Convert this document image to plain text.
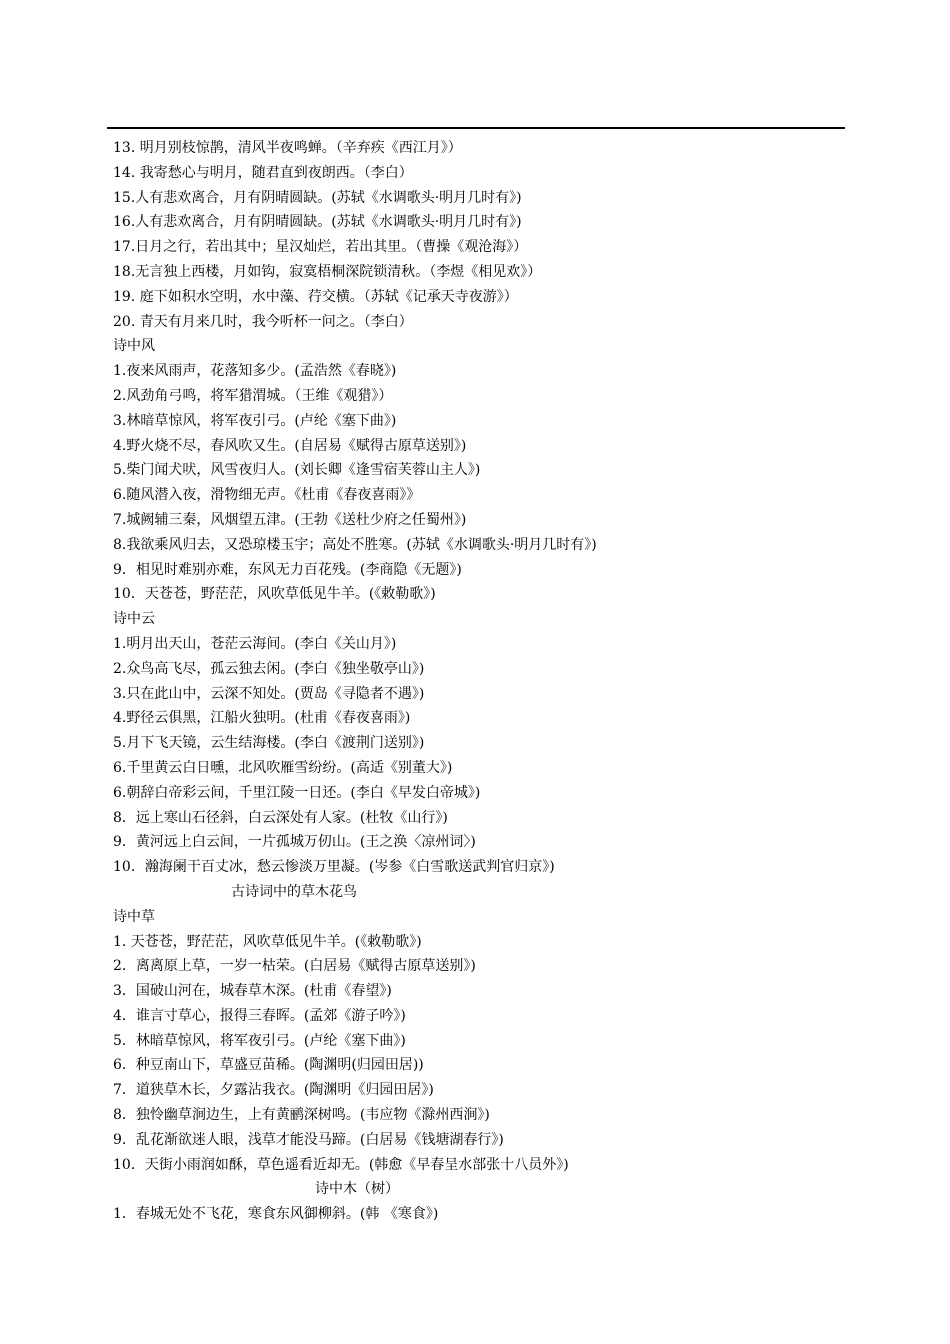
13. 明月别枝惊鹊，清风半夜鸣蝉。（辛弃疾《西江月》）
14. 我寄愁心与明月，随君直到夜朗西。（李白）
15.人有悲欢离合，月有阴晴圆缺。(苏轼《水调歌头·明月几时有》)
16.人有悲欢离合，月有阴晴圆缺。(苏轼《水调歌头·明月几时有》)
17.日月之行，若出其中；星汉灿烂，若出其里。（曹操《观沧海》）
18.无言独上西楼，月如钩，寂寞梧桐深院锁清秋。（李煜《相见欢》）
19. 庭下如积水空明，水中藻、荇交横。（苏轼《记承天寺夜游》）
20. 青天有月来几时，我今听杯一问之。（李白）
诗中风
1.夜来风雨声，花落知多少。(孟浩然《春晓》)
2.风劲角弓鸣，将军猎渭城。（王维《观猎》）
3.林暗草惊风，将军夜引弓。(卢纶《塞下曲》)
4.野火烧不尽，春风吹又生。(自居易《赋得古原草送别》)
5.柴门闻犬吠，风雪夜归人。(刘长卿《逢雪宿芙蓉山主人》)
6.随风潜入夜，滑物细无声。《杜甫《春夜喜雨》》
7.城阙辅三秦，风烟望五津。(王勃《送杜少府之任蜀州》)
8.我欲乘风归去，又恐琼楼玉宇；高处不胜寒。(苏轼《水调歌头·明月几时有》)
9．相见时难别亦难，东风无力百花残。(李商隐《无题》)
10．天苍苍，野茫茫，风吹草低见牛羊。(《敕勒歌》)
诗中云
1.明月出天山，苍茫云海间。(李白《关山月》)
2.众鸟高飞尽，孤云独去闲。(李白《独坐敬亭山》)
3.只在此山中，云深不知处。(贾岛《寻隐者不遇》)
4.野径云俱黑，江船火独明。(杜甫《春夜喜雨》)
5.月下飞天镜，云生结海楼。(李白《渡荆门送别》)
6.千里黄云白日曛，北风吹雁雪纷纷。(高适《别董大》)
6.朝辞白帝彩云间，千里江陵一日还。(李白《早发白帝城》)
8．远上寒山石径斜，白云深处有人家。(杜牧《山行》)
9．黄河远上白云间，一片孤城万仞山。(王之涣〈凉州词〉)
10．瀚海阑干百丈冰，愁云惨淡万里凝。(岑参《白雪歌送武判官归京》)
古诗词中的草木花鸟
诗中草
1. 天苍苍，野茫茫，风吹草低见牛羊。(《敕勒歌》)
2．离离原上草，一岁一枯荣。(白居易《赋得古原草送别》)
3．国破山河在，城春草木深。(杜甫《春望》)
4．谁言寸草心，报得三春晖。(孟郊《游子吟》)
5．林暗草惊风，将军夜引弓。(卢纶《塞下曲》)
6．种豆南山下，草盛豆苗稀。(陶渊明(归园田居))
7．道狭草木长，夕露沾我衣。(陶渊明《归园田居》)
8．独怜幽草涧边生，上有黄鹂深树鸣。(韦应物《滁州西涧》)
9．乱花渐欲迷人眼，浅草才能没马蹄。(白居易《钱塘湖春行》)
10．天街小雨润如酥，草色遥看近却无。(韩愈《早春呈水部张十八员外》)
诗中木（树）
1．春城无处不飞花，寒食东风御柳斜。(韩 《寒食》)
